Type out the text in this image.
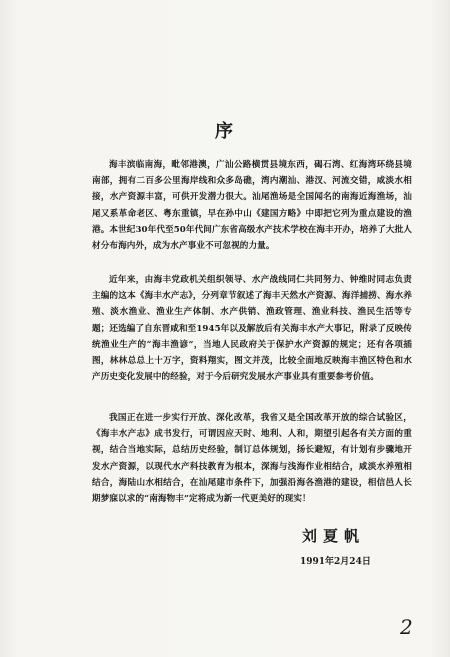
序

海丰滨临南海，毗邻港澳，广汕公路横贯县境东西，碣石湾、红海湾环绕县境南部，拥有二百多公里海岸线和众多岛礁，湾内潮汕、港汊、河流交错，咸淡水相接，水产资源丰富，可供开发潜力很大。汕尾渔场是全国闻名的南海近海渔场，汕尾又系革命老区、粤东重镇，早在孙中山《建国方略》中即把它列为重点建设的渔港。本世纪30年代至50年代间广东省高级水产技术学校在海丰开办，培养了大批人材分布海内外，成为水产事业不可忽视的力量。

近年来，由海丰党政机关组织领导、水产战线同仁共同努力、钟维时同志负责主编的这本《海丰水产志》，分列章节叙述了海丰天然水产资源、海洋捕捞、海水养殖、淡水渔业、渔业生产体制、水产供销、渔政管理、渔业科技、渔民生活等专题；还选编了自东晋咸和至1945年以及解放后有关海丰水产大事记，附录了反映传统渔业生产的“海丰渔谚”，当地人民政府关于保护水产资源的规定；还有各项插图，林林总总上十万字，资料翔实，图文并茂，比较全面地反映海丰渔区特色和水产历史变化发展中的经验，对于今后研究发展水产事业具有重要参考价值。

我国正在进一步实行开放、深化改革，我省又是全国改革开放的综合试验区，《海丰水产志》成书发行，可谓因应天时、地利、人和，期望引起各有关方面的重视，结合当地实际，总结历史经验，制订总体规划，扬长避短，有计划有步骤地开发水产资源，以现代水产科技教育为根本，深海与浅海作业相结合，咸淡水养殖相结合，海陆山水相结合，在汕尾建市条件下，加强沿海各渔港的建设，相信邑人长期梦寐以求的“南海物丰”定将成为新一代更美好的现实！

刘夏帆
1991年2月24日
2
